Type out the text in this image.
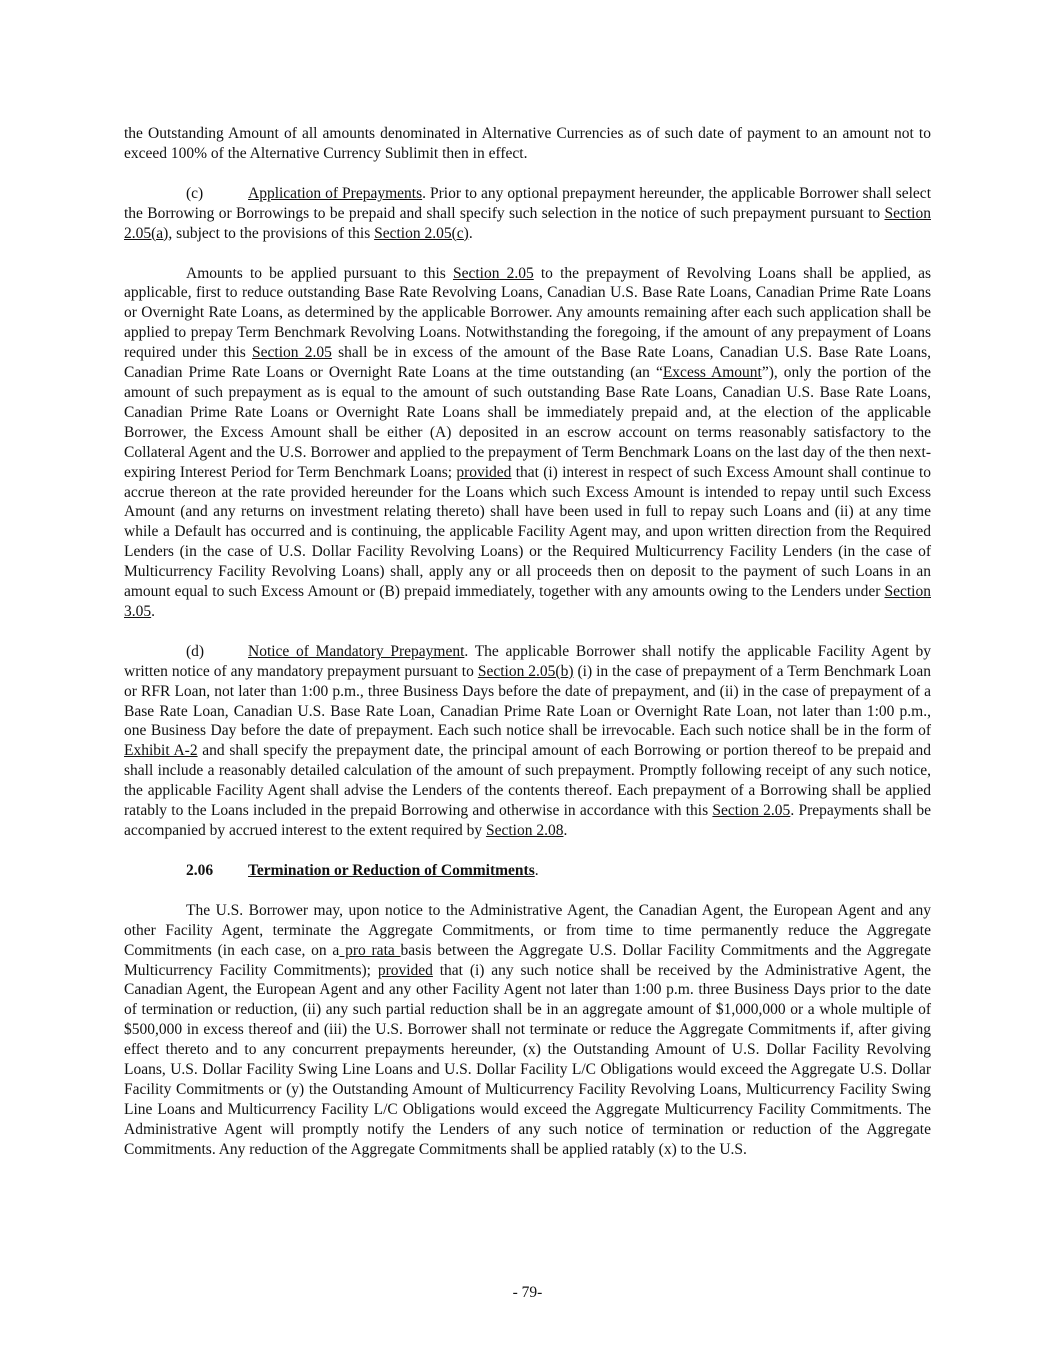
the Outstanding Amount of all amounts denominated in Alternative Currencies as of such date of payment to an amount not to exceed 100% of the Alternative Currency Sublimit then in effect.

(c)	Application of Prepayments. Prior to any optional prepayment hereunder, the applicable Borrower shall select the Borrowing or Borrowings to be prepaid and shall specify such selection in the notice of such prepayment pursuant to Section 2.05(a), subject to the provisions of this Section 2.05(c).

Amounts to be applied pursuant to this Section 2.05 to the prepayment of Revolving Loans shall be applied, as applicable, first to reduce outstanding Base Rate Revolving Loans, Canadian U.S. Base Rate Loans, Canadian Prime Rate Loans or Overnight Rate Loans, as determined by the applicable Borrower. Any amounts remaining after each such application shall be applied to prepay Term Benchmark Revolving Loans. Notwithstanding the foregoing, if the amount of any prepayment of Loans required under this Section 2.05 shall be in excess of the amount of the Base Rate Loans, Canadian U.S. Base Rate Loans, Canadian Prime Rate Loans or Overnight Rate Loans at the time outstanding (an “Excess Amount”), only the portion of the amount of such prepayment as is equal to the amount of such outstanding Base Rate Loans, Canadian U.S. Base Rate Loans, Canadian Prime Rate Loans or Overnight Rate Loans shall be immediately prepaid and, at the election of the applicable Borrower, the Excess Amount shall be either (A) deposited in an escrow account on terms reasonably satisfactory to the Collateral Agent and the U.S. Borrower and applied to the prepayment of Term Benchmark Loans on the last day of the then next-expiring Interest Period for Term Benchmark Loans; provided that (i) interest in respect of such Excess Amount shall continue to accrue thereon at the rate provided hereunder for the Loans which such Excess Amount is intended to repay until such Excess Amount (and any returns on investment relating thereto) shall have been used in full to repay such Loans and (ii) at any time while a Default has occurred and is continuing, the applicable Facility Agent may, and upon written direction from the Required Lenders (in the case of U.S. Dollar Facility Revolving Loans) or the Required Multicurrency Facility Lenders (in the case of Multicurrency Facility Revolving Loans) shall, apply any or all proceeds then on deposit to the payment of such Loans in an amount equal to such Excess Amount or (B) prepaid immediately, together with any amounts owing to the Lenders under Section 3.05.

(d)	Notice of Mandatory Prepayment. The applicable Borrower shall notify the applicable Facility Agent by written notice of any mandatory prepayment pursuant to Section 2.05(b) (i) in the case of prepayment of a Term Benchmark Loan or RFR Loan, not later than 1:00 p.m., three Business Days before the date of prepayment, and (ii) in the case of prepayment of a Base Rate Loan, Canadian U.S. Base Rate Loan, Canadian Prime Rate Loan or Overnight Rate Loan, not later than 1:00 p.m., one Business Day before the date of prepayment. Each such notice shall be irrevocable. Each such notice shall be in the form of Exhibit A-2 and shall specify the prepayment date, the principal amount of each Borrowing or portion thereof to be prepaid and shall include a reasonably detailed calculation of the amount of such prepayment. Promptly following receipt of any such notice, the applicable Facility Agent shall advise the Lenders of the contents thereof. Each prepayment of a Borrowing shall be applied ratably to the Loans included in the prepaid Borrowing and otherwise in accordance with this Section 2.05. Prepayments shall be accompanied by accrued interest to the extent required by Section 2.08.

2.06 Termination or Reduction of Commitments.

The U.S. Borrower may, upon notice to the Administrative Agent, the Canadian Agent, the European Agent and any other Facility Agent, terminate the Aggregate Commitments, or from time to time permanently reduce the Aggregate Commitments (in each case, on a pro rata basis between the Aggregate U.S. Dollar Facility Commitments and the Aggregate Multicurrency Facility Commitments); provided that (i) any such notice shall be received by the Administrative Agent, the Canadian Agent, the European Agent and any other Facility Agent not later than 1:00 p.m. three Business Days prior to the date of termination or reduction, (ii) any such partial reduction shall be in an aggregate amount of $1,000,000 or a whole multiple of $500,000 in excess thereof and (iii) the U.S. Borrower shall not terminate or reduce the Aggregate Commitments if, after giving effect thereto and to any concurrent prepayments hereunder, (x) the Outstanding Amount of U.S. Dollar Facility Revolving Loans, U.S. Dollar Facility Swing Line Loans and U.S. Dollar Facility L/C Obligations would exceed the Aggregate U.S. Dollar Facility Commitments or (y) the Outstanding Amount of Multicurrency Facility Revolving Loans, Multicurrency Facility Swing Line Loans and Multicurrency Facility L/C Obligations would exceed the Aggregate Multicurrency Facility Commitments. The Administrative Agent will promptly notify the Lenders of any such notice of termination or reduction of the Aggregate Commitments. Any reduction of the Aggregate Commitments shall be applied ratably (x) to the U.S.

- 79-
